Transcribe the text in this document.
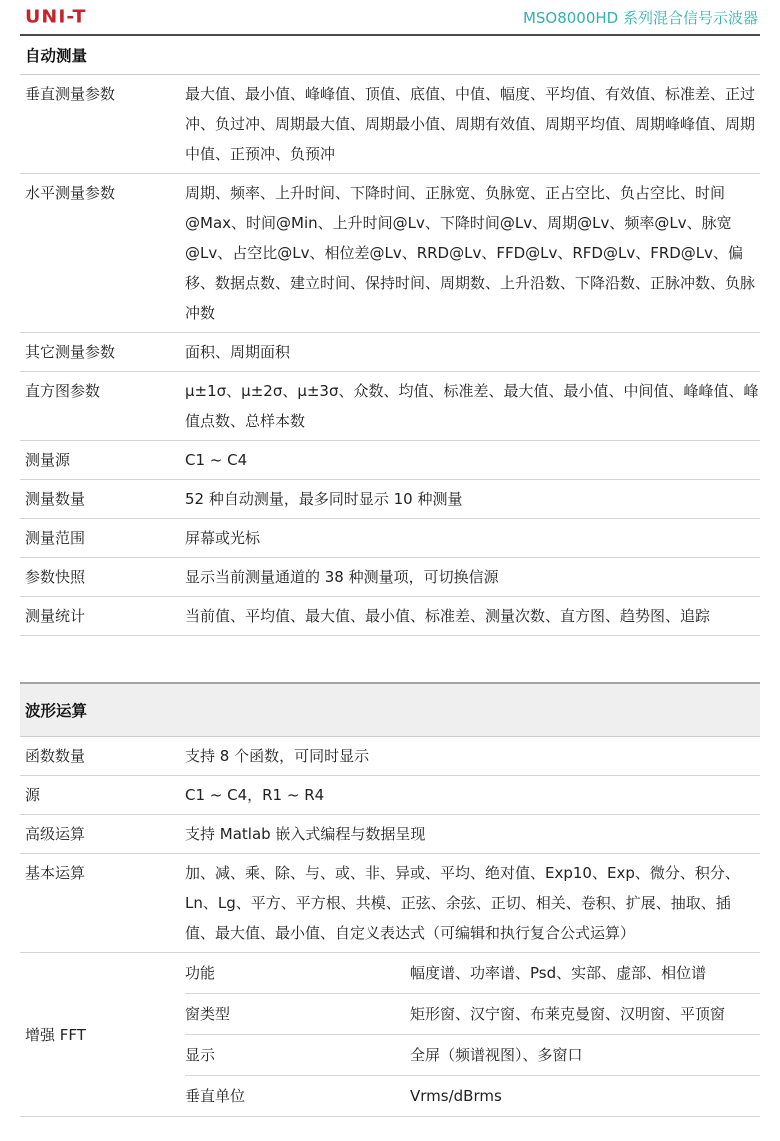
UNI-T	MSO8000HD 系列混合信号示波器
自动测量
垂直测量参数	最大值、最小值、峰峰值、顶值、底值、中值、幅度、平均值、有效值、标准差、正过冲、负过冲、周期最大值、周期最小值、周期有效值、周期平均值、周期峰峰值、周期中值、正预冲、负预冲
水平测量参数	周期、频率、上升时间、下降时间、正脉宽、负脉宽、正占空比、负占空比、时间@Max、时间@Min、上升时间@Lv、下降时间@Lv、周期@Lv、频率@Lv、脉宽@Lv、占空比@Lv、相位差@Lv、RRD@Lv、FFD@Lv、RFD@Lv、FRD@Lv、偏移、数据点数、建立时间、保持时间、周期数、上升沿数、下降沿数、正脉冲数、负脉冲数
其它测量参数	面积、周期面积
直方图参数	μ±1σ、μ±2σ、μ±3σ、众数、均值、标准差、最大值、最小值、中间值、峰峰值、峰值点数、总样本数
测量源	C1 ~ C4
测量数量	52 种自动测量，最多同时显示 10 种测量
测量范围	屏幕或光标
参数快照	显示当前测量通道的 38 种测量项，可切换信源
测量统计	当前值、平均值、最大值、最小值、标准差、测量次数、直方图、趋势图、追踪
波形运算
函数数量	支持 8 个函数，可同时显示
源	C1 ~ C4，R1 ~ R4
高级运算	支持 Matlab 嵌入式编程与数据呈现
基本运算	加、减、乘、除、与、或、非、异或、平均、绝对值、Exp10、Exp、微分、积分、Ln、Lg、平方、平方根、共模、正弦、余弦、正切、相关、卷积、扩展、抽取、插值、最大值、最小值、自定义表达式（可编辑和执行复合公式运算）
增强 FFT
功能	幅度谱、功率谱、Psd、实部、虚部、相位谱
窗类型	矩形窗、汉宁窗、布莱克曼窗、汉明窗、平顶窗
显示	全屏（频谱视图）、多窗口
垂直单位	Vrms/dBrms
